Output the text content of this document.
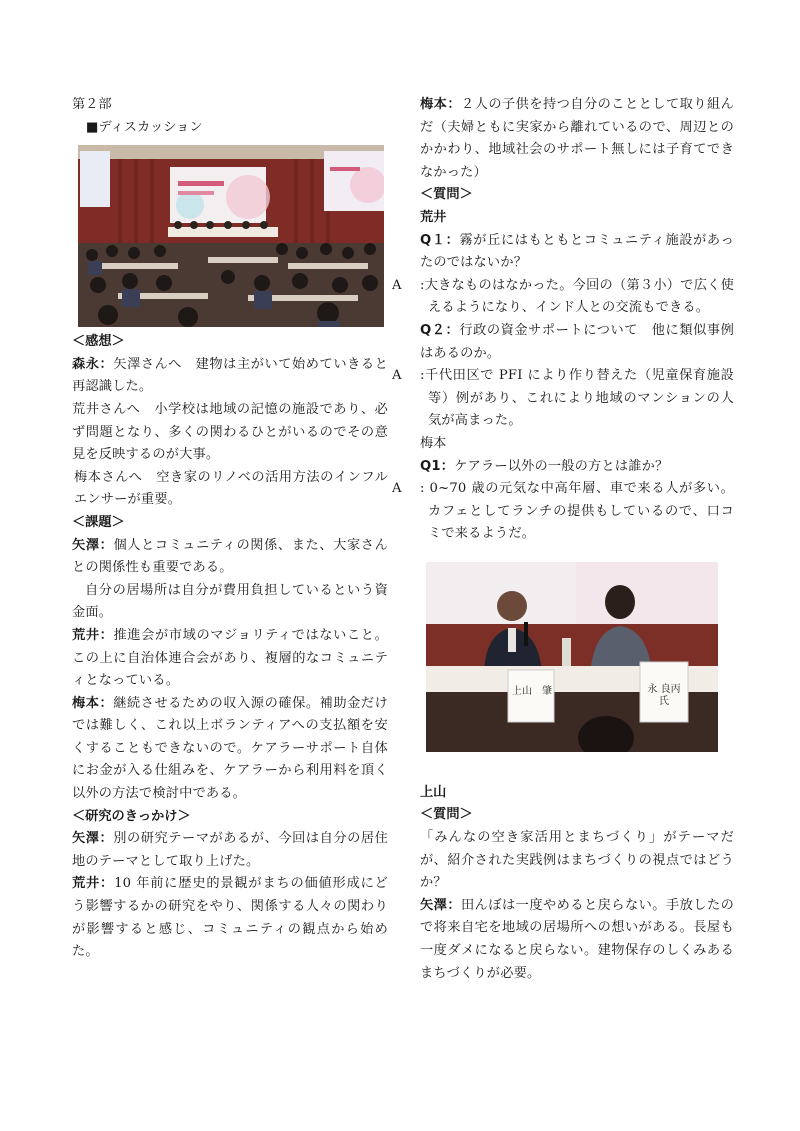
第２部
■ディスカッション
＜感想＞

森永：矢澤さんへ　建物は主がいて始めていきると再認識した。

荒井さんへ　小学校は地域の記憶の施設であり、必ず問題となり、多くの関わるひとがいるのでその意見を反映するのが大事。

梅本さんへ　空き家のリノベの活用方法のインフルエンサーが重要。

＜課題＞

矢澤：個人とコミュニティの関係、また、大家さんとの関係性も重要である。

自分の居場所は自分が費用負担しているという資金面。

荒井：推進会が市域のマジョリティではないこと。この上に自治体連合会があり、複層的なコミュニティとなっている。

梅本：継続させるための収入源の確保。補助金だけでは難しく、これ以上ボランティアへの支払額を安くすることもできないので。ケアラーサポート自体にお金が入る仕組みを、ケアラーから利用料を頂く以外の方法で検討中である。

＜研究のきっかけ＞

矢澤：別の研究テーマがあるが、今回は自分の居住地のテーマとして取り上げた。

荒井：10 年前に歴史的景観がまちの価値形成にどう影響するかの研究をやり、関係する人々の関わりが影響すると感じ、コミュニティの観点から始めた。

梅本：２人の子供を持つ自分のこととして取り組んだ（夫婦ともに実家から離れているので、周辺とのかかわり、地域社会のサポート無しには子育てできなかった）

＜質問＞
荒井

Q１：霧が丘にはもともとコミュニティ施設があったのではないか？

A :大きなものはなかった。今回の（第３小）で広く使えるようになり、インド人との交流もできる。

Q２：行政の資金サポートについて　他に類似事例はあるのか。

A :千代田区で PFI により作り替えた（児童保育施設等）例があり、これにより地域のマンションの人気が高まった。

梅本

Q1：ケアラー以外の一般の方とは誰か？

A : 0~70 歳の元気な中高年層、車で来る人が多い。カフェとしてランチの提供もしているので、口コミで来るようだ。

上山　肇	永 良丙 氏
上山
＜質問＞

「みんなの空き家活用とまちづくり」がテーマだが、紹介された実践例はまちづくりの視点ではどうか？

矢澤：田んぼは一度やめると戻らない。手放したので将来自宅を地域の居場所への想いがある。長屋も一度ダメになると戻らない。建物保存のしくみあるまちづくりが必要。
